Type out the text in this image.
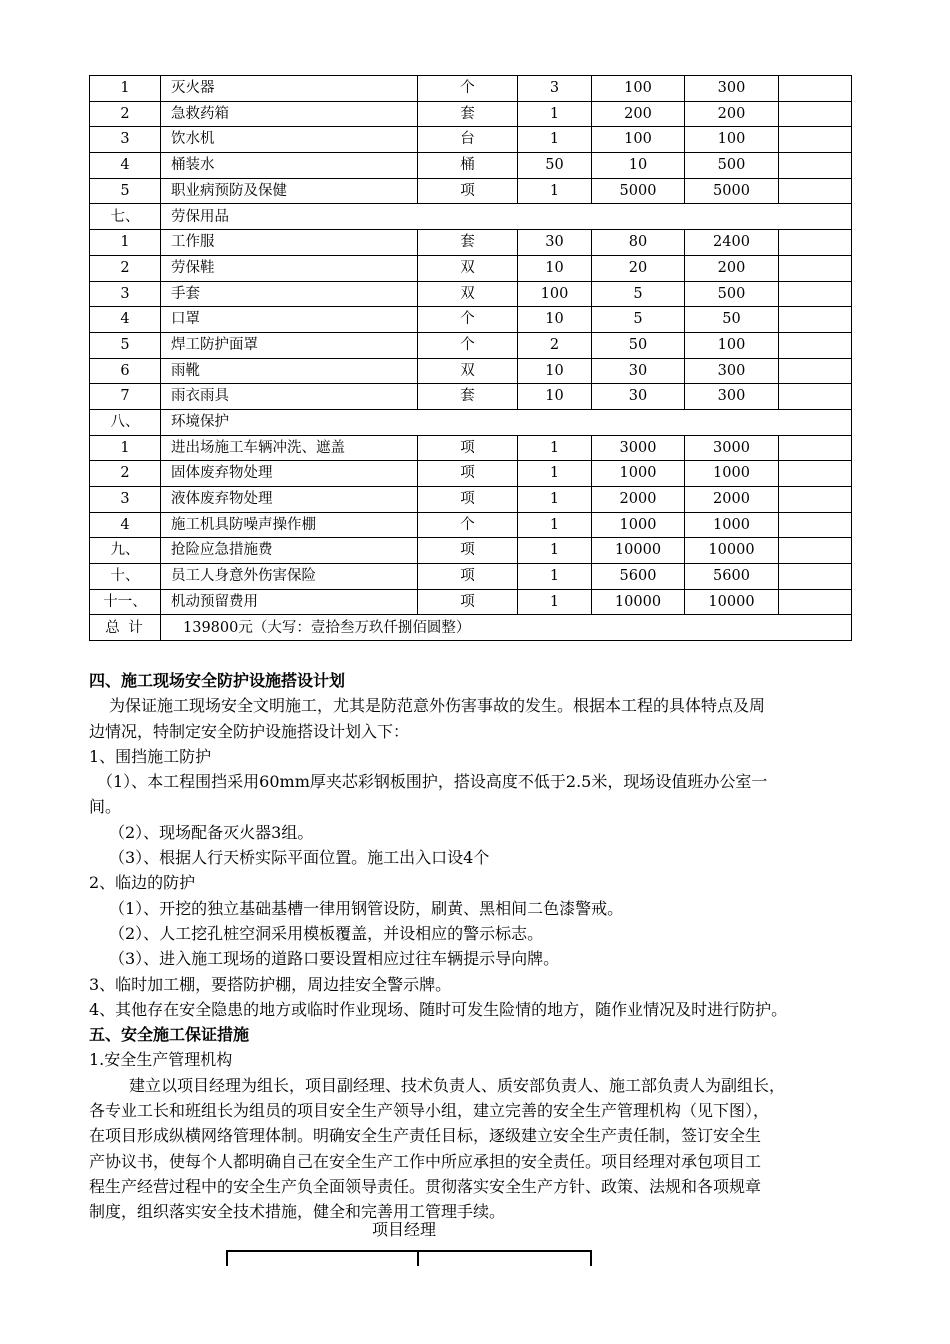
1	灭火器	个	3	100	300	
2	急救药箱	套	1	200	200	
3	饮水机	台	1	100	100	
4	桶装水	桶	50	10	500	
5	职业病预防及保健	项	1	5000	5000	
七、	劳保用品					
1	工作服	套	30	80	2400	
2	劳保鞋	双	10	20	200	
3	手套	双	100	5	500	
4	口罩	个	10	5	50	
5	焊工防护面罩	个	2	50	100	
6	雨靴	双	10	30	300	
7	雨衣雨具	套	10	30	300	
八、	环境保护					
1	进出场施工车辆冲洗、遮盖	项	1	3000	3000	
2	固体废弃物处理	项	1	1000	1000	
3	液体废弃物处理	项	1	2000	2000	
4	施工机具防噪声操作棚	个	1	1000	1000	
九、	抢险应急措施费	项	1	10000	10000	
十、	员工人身意外伤害保险	项	1	5600	5600	
十一、	机动预留费用	项	1	10000	10000	
总 计	139800元（大写：壹拾叁万玖仟捌佰圆整）					
四、施工现场安全防护设施搭设计划
为保证施工现场安全文明施工，尤其是防范意外伤害事故的发生。根据本工程的具体特点及周
边情况，特制定安全防护设施搭设计划入下：
1、围挡施工防护
（1）、本工程围挡采用60mm厚夹芯彩钢板围护，搭设高度不低于2.5米，现场设值班办公室一
间。
（2）、现场配备灭火器3组。
（3）、根据人行天桥实际平面位置。施工出入口设4个
2、临边的防护
（1）、开挖的独立基础基槽一律用钢管设防，刷黄、黑相间二色漆警戒。
（2）、人工挖孔桩空洞采用模板覆盖，并设相应的警示标志。
（3）、进入施工现场的道路口要设置相应过往车辆提示导向牌。
3、临时加工棚，要搭防护棚，周边挂安全警示牌。
4、其他存在安全隐患的地方或临时作业现场、随时可发生险情的地方，随作业情况及时进行防护。
五、安全施工保证措施
1.安全生产管理机构
建立以项目经理为组长，项目副经理、技术负责人、质安部负责人、施工部负责人为副组长，
各专业工长和班组长为组员的项目安全生产领导小组，建立完善的安全生产管理机构（见下图），
在项目形成纵横网络管理体制。明确安全生产责任目标，逐级建立安全生产责任制，签订安全生
产协议书，使每个人都明确自己在安全生产工作中所应承担的安全责任。项目经理对承包项目工
程生产经营过程中的安全生产负全面领导责任。贯彻落实安全生产方针、政策、法规和各项规章
制度，组织落实安全技术措施，健全和完善用工管理手续。
项目经理
